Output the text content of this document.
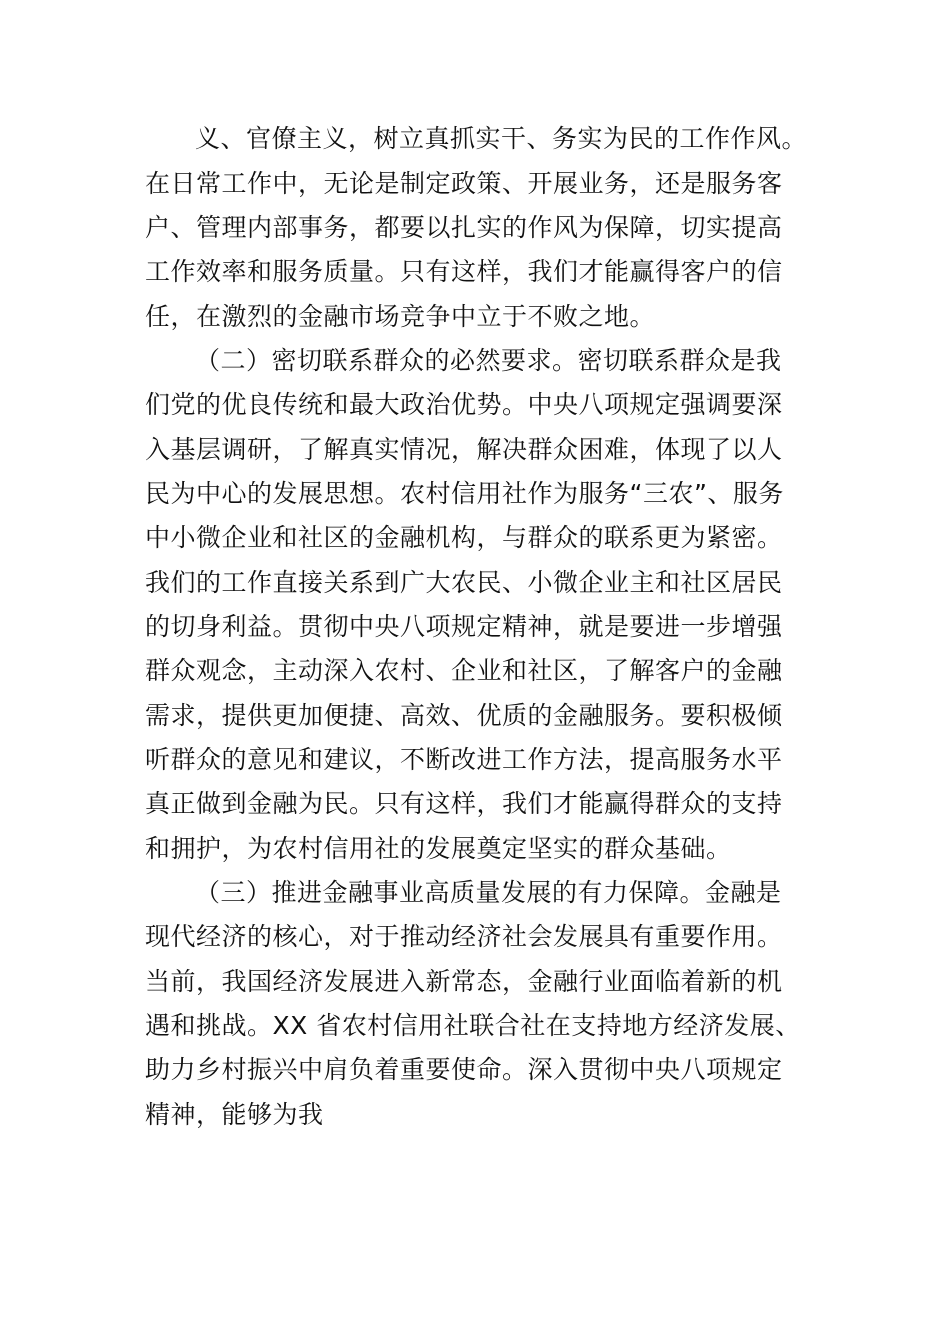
义、官僚主义，树立真抓实干、务实为民的工作作风。
在日常工作中，无论是制定政策、开展业务，还是服务客
户、管理内部事务，都要以扎实的作风为保障，切实提高
工作效率和服务质量。只有这样，我们才能赢得客户的信
任，在激烈的金融市场竞争中立于不败之地。
（二）密切联系群众的必然要求。密切联系群众是我
们党的优良传统和最大政治优势。中央八项规定强调要深
入基层调研，了解真实情况，解决群众困难，体现了以人
民为中心的发展思想。农村信用社作为服务“三农”、服务
中小微企业和社区的金融机构，与群众的联系更为紧密。
我们的工作直接关系到广大农民、小微企业主和社区居民
的切身利益。贯彻中央八项规定精神，就是要进一步增强
群众观念，主动深入农村、企业和社区，了解客户的金融
需求，提供更加便捷、高效、优质的金融服务。要积极倾
听群众的意见和建议，不断改进工作方法，提高服务水平
真正做到金融为民。只有这样，我们才能赢得群众的支持
和拥护，为农村信用社的发展奠定坚实的群众基础。
（三）推进金融事业高质量发展的有力保障。金融是
现代经济的核心，对于推动经济社会发展具有重要作用。
当前，我国经济发展进入新常态，金融行业面临着新的机
遇和挑战。XX 省农村信用社联合社在支持地方经济发展、
助力乡村振兴中肩负着重要使命。深入贯彻中央八项规定
精神，能够为我
